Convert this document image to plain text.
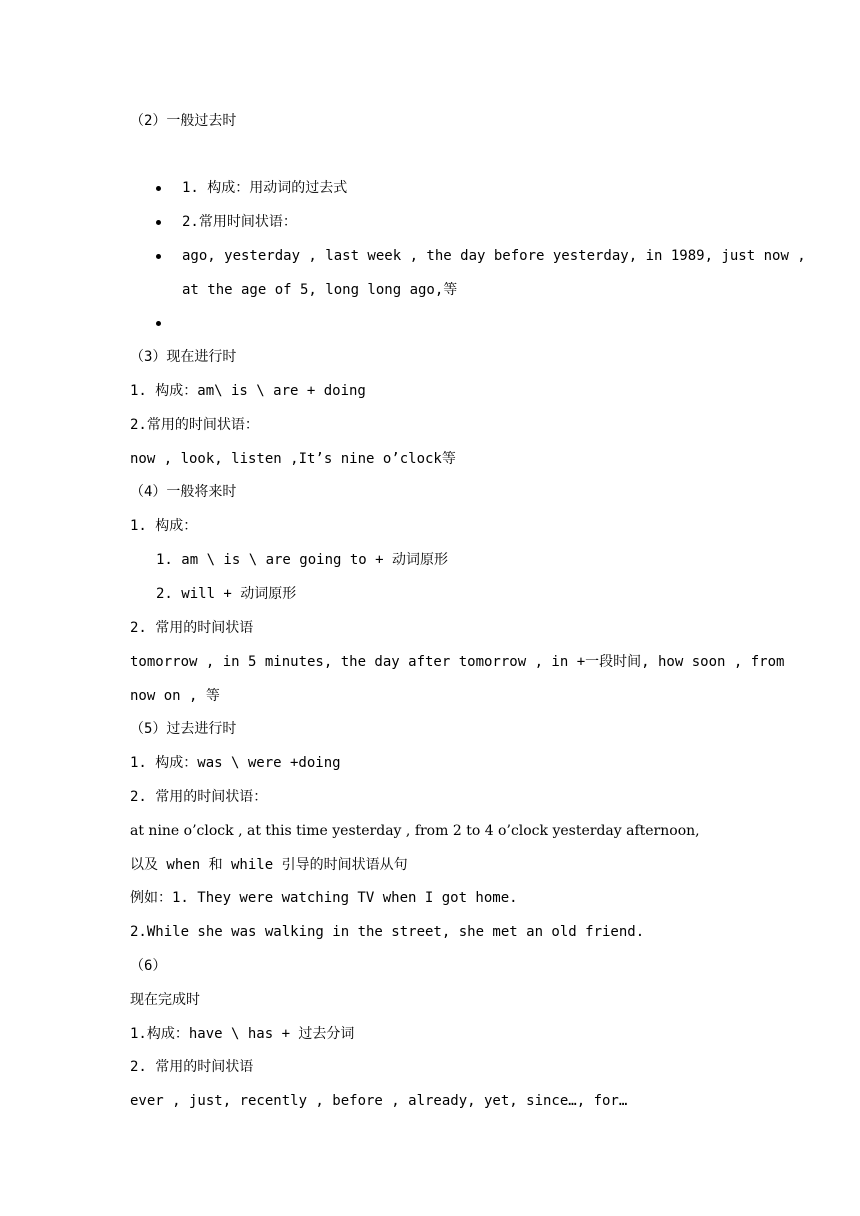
（2）一般过去时
1. 构成：用动词的过去式
2.常用时间状语：
ago, yesterday , last week , the day before yesterday, in 1989, just now ,
at the age of 5, long long ago,等
（3）现在进行时
1. 构成：am\ is \ are + doing
2.常用的时间状语：
now , look, listen ,It’s nine o’clock等
（4）一般将来时
1. 构成：
1. am \ is \ are going to + 动词原形
2. will + 动词原形
2. 常用的时间状语
tomorrow , in 5 minutes, the day after tomorrow , in +一段时间, how soon , from
now on , 等
（5）过去进行时
1. 构成：was \ were +doing
2. 常用的时间状语：
at nine o’clock , at this time yesterday , from 2 to 4 o’clock yesterday afternoon,
以及 when 和 while 引导的时间状语从句
例如：1. They were watching TV when I got home.
2.While she was walking in the street, she met an old friend.
（6）
现在完成时
1.构成：have \ has + 过去分词
2. 常用的时间状语
ever , just, recently , before , already, yet, since…, for…
